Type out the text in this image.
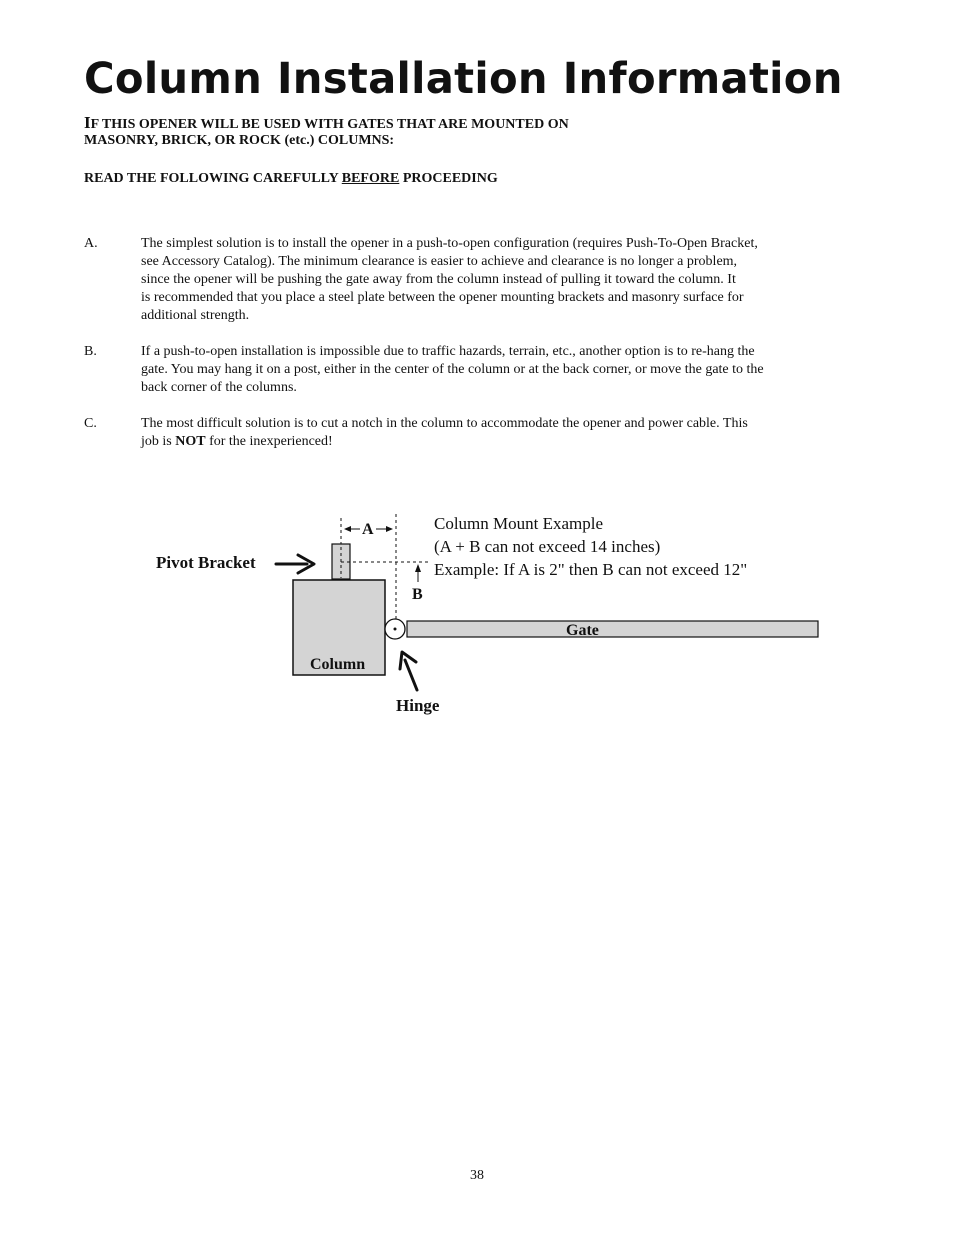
Column Installation Information
IF THIS OPENER WILL BE USED WITH GATES THAT ARE MOUNTED ON
MASONRY, BRICK, OR ROCK (etc.) COLUMNS:
READ THE FOLLOWING CAREFULLY BEFORE PROCEEDING
A.	The simplest solution is to install the opener in a push-to-open configuration (requires Push-To-Open Bracket,
see Accessory Catalog). The minimum clearance is easier to achieve and clearance is no longer a problem,
since the opener will be pushing the gate away from the column instead of pulling it toward the column. It
is recommended that you place a steel plate between the opener mounting brackets and masonry surface for
additional strength.
B.	If a push-to-open installation is impossible due to traffic hazards, terrain, etc., another option is to re-hang the
gate. You may hang it on a post, either in the center of the column or at the back corner, or move the gate to the
back corner of the columns.
C.	The most difficult solution is to cut a notch in the column to accommodate the opener and power cable. This
job is NOT for the inexperienced!
A
B
Gate
Column
Pivot Bracket
Hinge
Column Mount Example
(A + B can not exceed 14 inches)
Example: If A is 2" then B can not exceed 12"
38
